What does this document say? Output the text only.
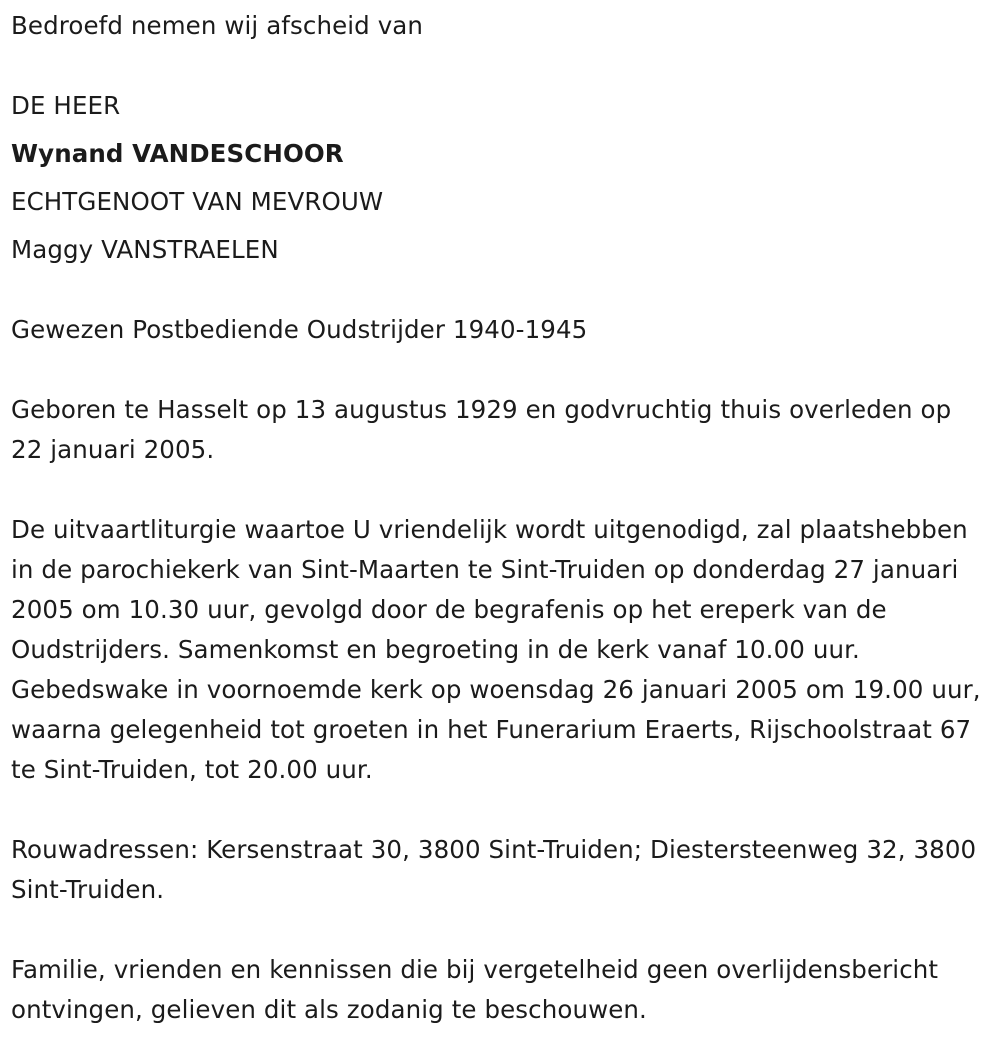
Bedroefd nemen wij afscheid van

DE HEER

Wynand VANDESCHOOR

ECHTGENOOT VAN MEVROUW

Maggy VANSTRAELEN

Gewezen Postbediende Oudstrijder 1940-1945

Geboren te Hasselt op 13 augustus 1929 en godvruchtig thuis overleden op 22 januari 2005.

De uitvaartliturgie waartoe U vriendelijk wordt uitgenodigd, zal plaatshebben in de parochiekerk van Sint-Maarten te Sint-Truiden op donderdag 27 januari 2005 om 10.30 uur, gevolgd door de begrafenis op het ereperk van de Oudstrijders. Samenkomst en begroeting in de kerk vanaf 10.00 uur. Gebedswake in voornoemde kerk op woensdag 26 januari 2005 om 19.00 uur, waarna gelegenheid tot groeten in het Funerarium Eraerts, Rijschoolstraat 67 te Sint-Truiden, tot 20.00 uur.

Rouwadressen: Kersenstraat 30, 3800 Sint-Truiden; Diestersteenweg 32, 3800 Sint-Truiden.

Familie, vrienden en kennissen die bij vergetelheid geen overlijdensbericht ontvingen, gelieven dit als zodanig te beschouwen.
